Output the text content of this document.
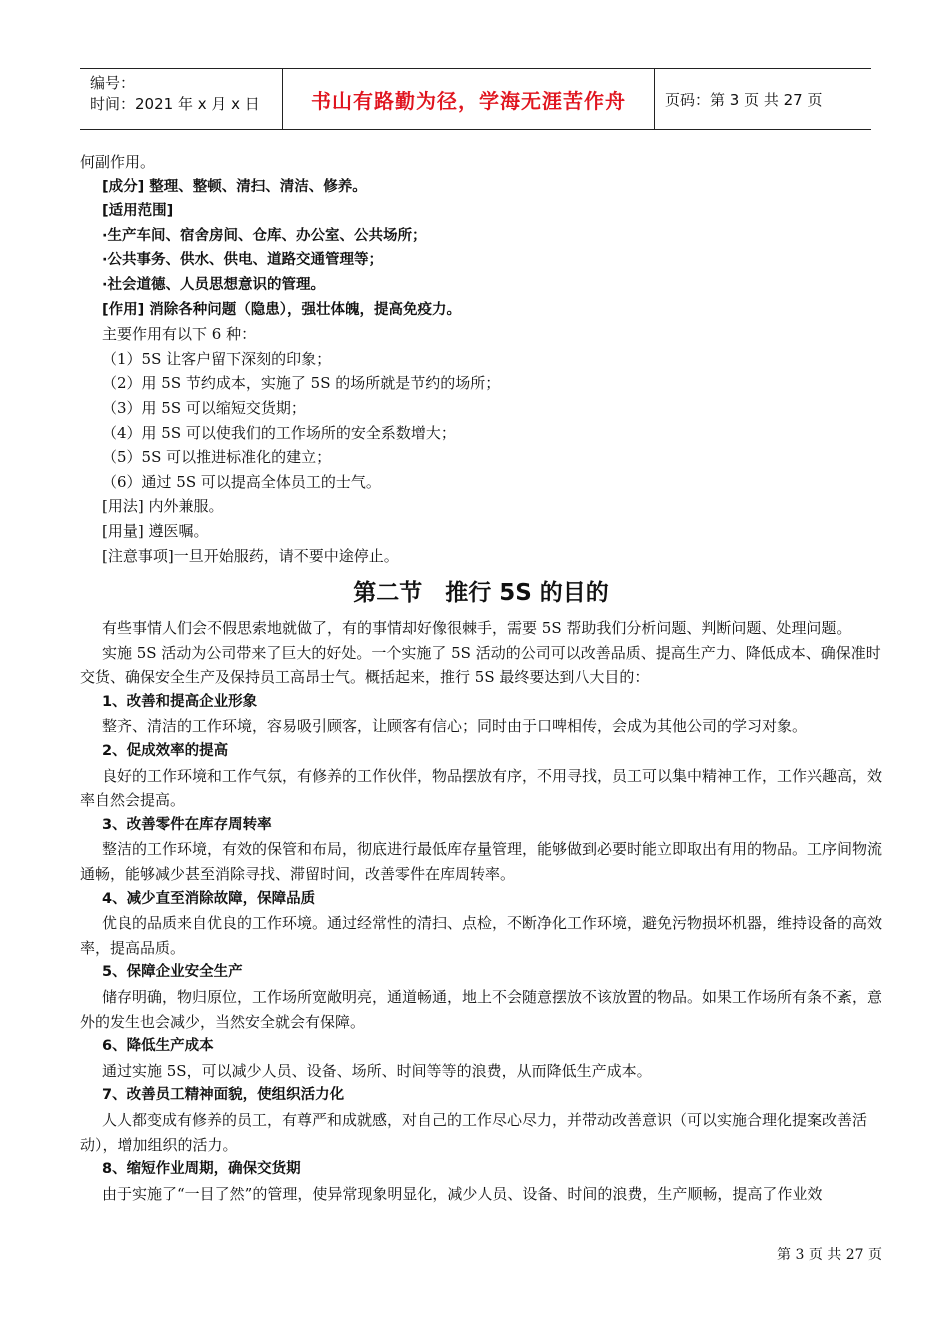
编号：
时间：2021 年 x 月 x 日	书山有路勤为径，学海无涯苦作舟	页码：第 3 页 共 27 页

何副作用。

[成分] 整理、整顿、清扫、清洁、修养。

[适用范围]

·生产车间、宿舍房间、仓库、办公室、公共场所；

·公共事务、供水、供电、道路交通管理等；

·社会道德、人员思想意识的管理。

[作用] 消除各种问题（隐患），强壮体魄，提高免疫力。

主要作用有以下 6 种：

（1）5S 让客户留下深刻的印象；

（2）用 5S 节约成本，实施了 5S 的场所就是节约的场所；

（3）用 5S 可以缩短交货期；

（4）用 5S 可以使我们的工作场所的安全系数增大；

（5）5S 可以推进标准化的建立；

（6）通过 5S 可以提高全体员工的士气。

[用法] 内外兼服。

[用量] 遵医嘱。

[注意事项]一旦开始服药，请不要中途停止。

第二节　推行 5S 的目的

有些事情人们会不假思索地就做了，有的事情却好像很棘手，需要 5S 帮助我们分析问题、判断问题、处理问题。

实施 5S 活动为公司带来了巨大的好处。一个实施了 5S 活动的公司可以改善品质、提高生产力、降低成本、确保准时交货、确保安全生产及保持员工高昂士气。概括起来，推行 5S 最终要达到八大目的：

1、改善和提高企业形象

整齐、清洁的工作环境，容易吸引顾客，让顾客有信心；同时由于口啤相传，会成为其他公司的学习对象。

2、促成效率的提高

良好的工作环境和工作气氛，有修养的工作伙伴，物品摆放有序，不用寻找，员工可以集中精神工作，工作兴趣高，效率自然会提高。

3、改善零件在库存周转率

整洁的工作环境，有效的保管和布局，彻底进行最低库存量管理，能够做到必要时能立即取出有用的物品。工序间物流通畅，能够减少甚至消除寻找、滞留时间，改善零件在库周转率。

4、减少直至消除故障，保障品质

优良的品质来自优良的工作环境。通过经常性的清扫、点检，不断净化工作环境，避免污物损坏机器，维持设备的高效率，提高品质。

5、保障企业安全生产

储存明确，物归原位，工作场所宽敞明亮，通道畅通，地上不会随意摆放不该放置的物品。如果工作场所有条不紊，意外的发生也会减少，当然安全就会有保障。

6、降低生产成本

通过实施 5S，可以减少人员、设备、场所、时间等等的浪费，从而降低生产成本。

7、改善员工精神面貌，使组织活力化

人人都变成有修养的员工，有尊严和成就感，对自己的工作尽心尽力，并带动改善意识（可以实施合理化提案改善活动），增加组织的活力。

8、缩短作业周期，确保交货期

由于实施了“一目了然”的管理，使异常现象明显化，减少人员、设备、时间的浪费，生产顺畅，提高了作业效

第 3 页 共 27 页
